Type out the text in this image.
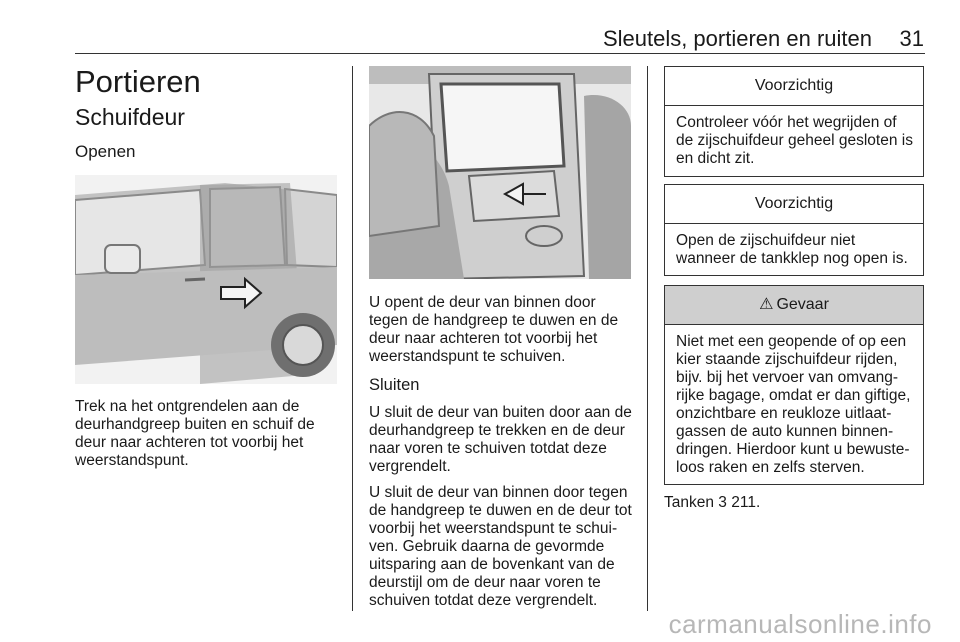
Sleutels, portieren en ruiten 31
Portieren
Schuifdeur
Openen

Trek na het ontgrendelen aan de deurhandgreep buiten en schuif de deur naar achteren tot voorbij het weerstandspunt.

U opent de deur van binnen door tegen de handgreep te duwen en de deur naar achteren tot voorbij het weerstandspunt te schuiven.

Sluiten

U sluit de deur van buiten door aan de deurhandgreep te trekken en de deur naar voren te schuiven totdat deze vergrendelt.

U sluit de deur van binnen door tegen de handgreep te duwen en de deur tot voorbij het weerstandspunt te schui-ven. Gebruik daarna de gevormde uitsparing aan de bovenkant van de deurstijl om de deur naar voren te schuiven totdat deze vergrendelt.

Voorzichtig
Controleer vóór het wegrijden of de zijschuifdeur geheel gesloten is en dicht zit.
Voorzichtig
Open de zijschuifdeur niet wanneer de tankklep nog open is.
⚠ Gevaar
Niet met een geopende of op een kier staande zijschuifdeur rijden, bijv. bij het vervoer van omvang-rijke bagage, omdat er dan giftige, onzichtbare en reukloze uitlaat-gassen de auto kunnen binnen-dringen. Hierdoor kunt u bewuste-loos raken en zelfs sterven.
Tanken 3 211.
carmanualsonline.info
